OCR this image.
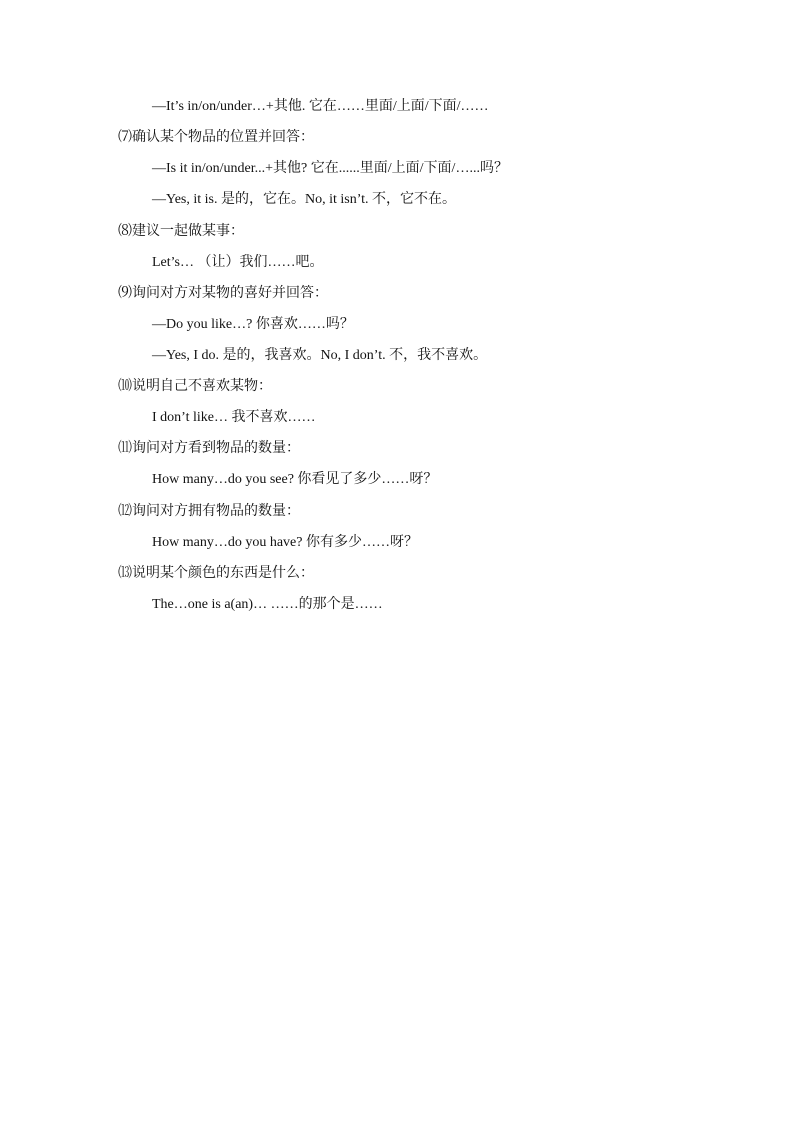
—It’s in/on/under…+其他. 它在……里面/上面/下面/……
⑺确认某个物品的位置并回答：
—Is it in/on/under...+其他? 它在......里面/上面/下面/…...吗？
—Yes, it is. 是的，它在。No, it isn’t. 不，它不在。
⑻建议一起做某事：
Let’s… （让）我们……吧。
⑼询问对方对某物的喜好并回答：
—Do you like…? 你喜欢……吗？
—Yes, I do. 是的，我喜欢。No, I don’t. 不，我不喜欢。
⑽说明自己不喜欢某物：
I don’t like… 我不喜欢……
⑾询问对方看到物品的数量：
How many…do you see? 你看见了多少……呀？
⑿询问对方拥有物品的数量：
How many…do you have? 你有多少……呀？
⒀说明某个颜色的东西是什么：
The…one is a(an)… ……的那个是……
